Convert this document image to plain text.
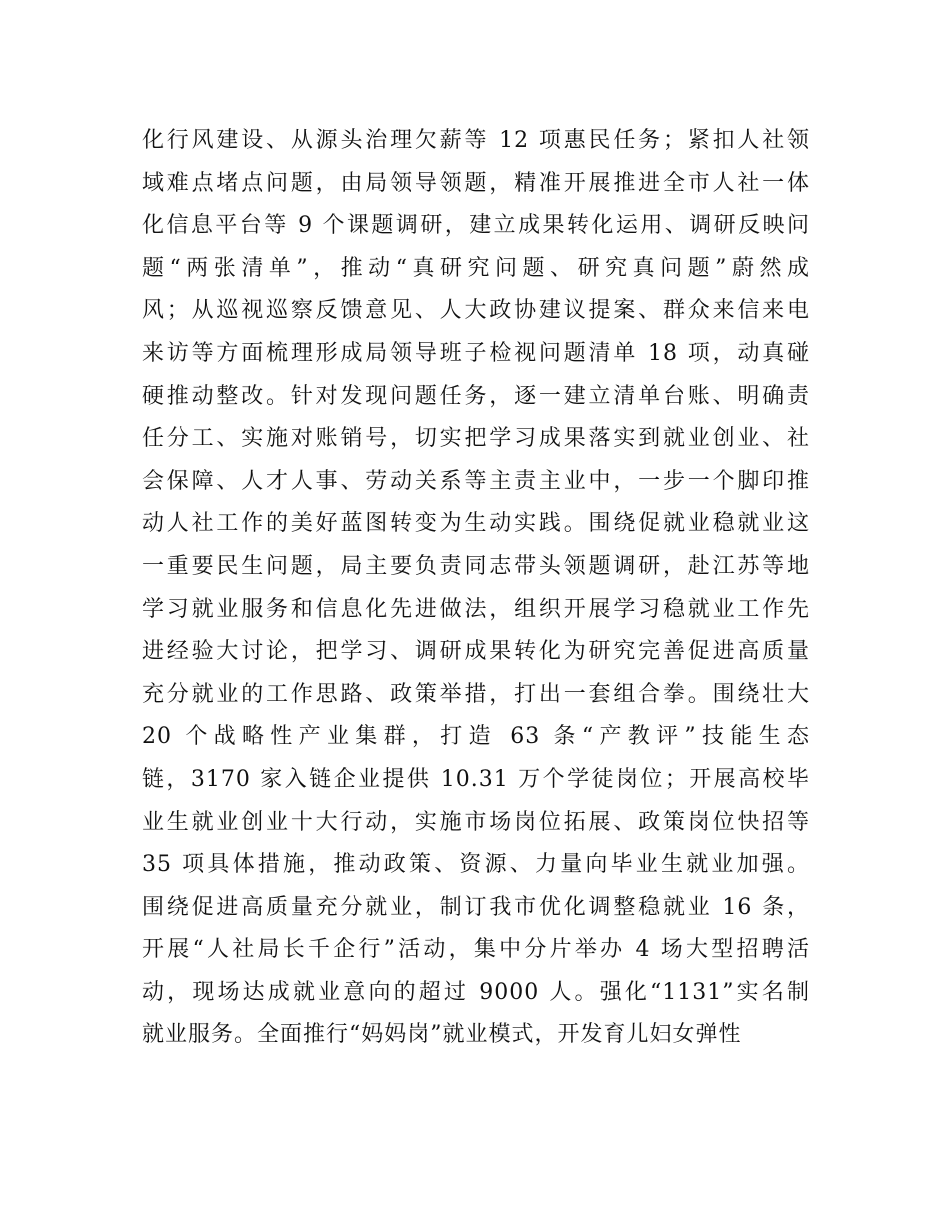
化行风建设、从源头治理欠薪等 12 项惠民任务；紧扣人社领
域难点堵点问题，由局领导领题，精准开展推进全市人社一体
化信息平台等 9 个课题调研，建立成果转化运用、调研反映问
题“两张清单”，推动“真研究问题、研究真问题”蔚然成
风；从巡视巡察反馈意见、人大政协建议提案、群众来信来电
来访等方面梳理形成局领导班子检视问题清单 18 项，动真碰
硬推动整改。针对发现问题任务，逐一建立清单台账、明确责
任分工、实施对账销号，切实把学习成果落实到就业创业、社
会保障、人才人事、劳动关系等主责主业中，一步一个脚印推
动人社工作的美好蓝图转变为生动实践。围绕促就业稳就业这
一重要民生问题，局主要负责同志带头领题调研，赴江苏等地
学习就业服务和信息化先进做法，组织开展学习稳就业工作先
进经验大讨论，把学习、调研成果转化为研究完善促进高质量
充分就业的工作思路、政策举措，打出一套组合拳。围绕壮大
20 个战略性产业集群，打造 63 条“产教评”技能生态
链，3170 家入链企业提供 10.31 万个学徒岗位；开展高校毕
业生就业创业十大行动，实施市场岗位拓展、政策岗位快招等
35 项具体措施，推动政策、资源、力量向毕业生就业加强。
围绕促进高质量充分就业，制订我市优化调整稳就业 16 条，
开展“人社局长千企行”活动，集中分片举办 4 场大型招聘活
动，现场达成就业意向的超过 9000 人。强化“1131”实名制
就业服务。全面推行“妈妈岗”就业模式，开发育儿妇女弹性
